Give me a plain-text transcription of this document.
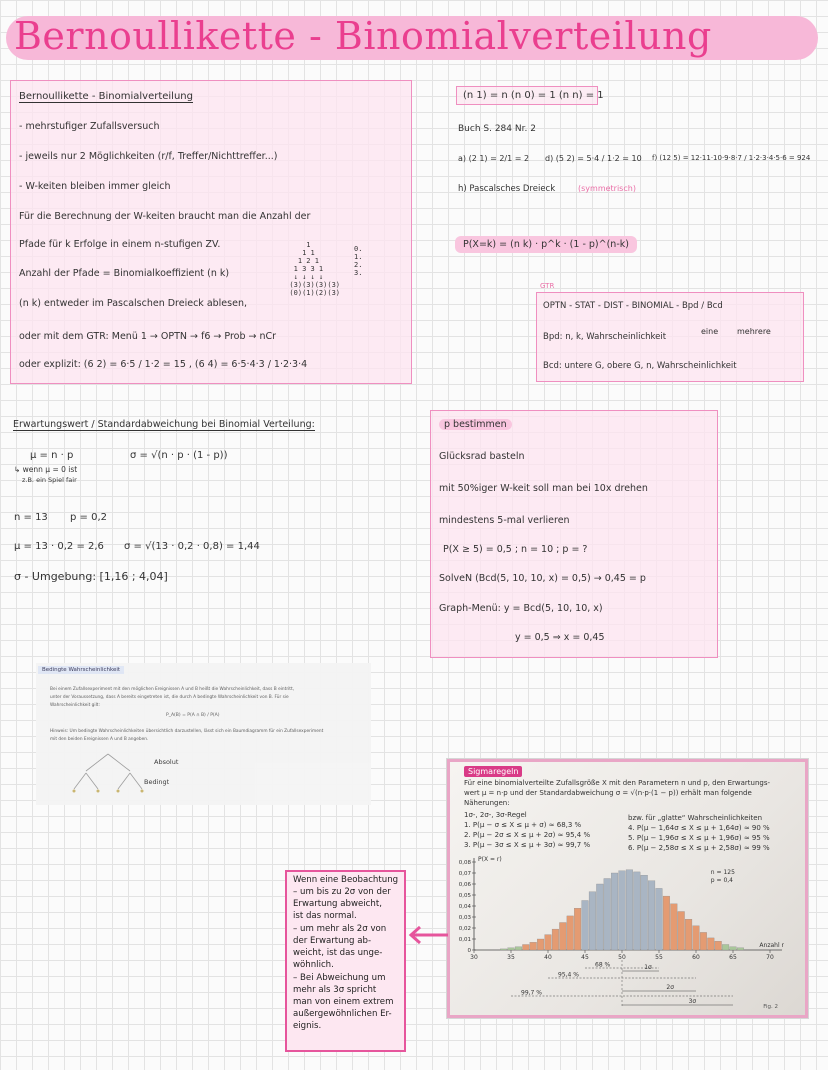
Bernoullikette - Binomialverteilung
Bernoullikette - Binomialverteilung
- mehrstufiger Zufallsversuch
- jeweils nur 2 Möglichkeiten (r/f, Treffer/Nichttreffer...)
- W-keiten bleiben immer gleich
Für die Berechnung der W-keiten braucht man die Anzahl der
Pfade für k Erfolge in einem n-stufigen ZV.
Anzahl der Pfade = Binomialkoeffizient (n k)
(n k) entweder im Pascalschen Dreieck ablesen,
oder mit dem GTR: Menü 1 → OPTN → f6 → Prob → nCr
oder explizit: (6 2) = 6·5 / 1·2 = 15 , (6 4) = 6·5·4·3 / 1·2·3·4
1
1 1
1 2 1
1 3 3 1
↓ ↓ ↓ ↓
(3)(3)(3)(3)
(0)(1)(2)(3)
0.
1.
2.
3.
(n 1) = n (n 0) = 1 (n n) = 1
Buch S. 284 Nr. 2
a) (2 1) = 2/1 = 2 d) (5 2) = 5·4 / 1·2 = 10 f) (12 5) = 12·11·10·9·8·7 / 1·2·3·4·5·6 = 924
h) Pascalsches Dreieck	(symmetrisch)
P(X=k) = (n k) · p^k · (1 - p)^(n-k)
GTR
OPTN - STAT - DIST - BINOMIAL - Bpd / Bcd
eine mehrere
Bpd: n, k, Wahrscheinlichkeit
Bcd: untere G, obere G, n, Wahrscheinlichkeit
Erwartungswert / Standardabweichung bei Binomial Verteilung:
μ = n · p	σ = √(n · p · (1 - p))
↳ wenn μ = 0 ist
z.B. ein Spiel fair
n = 13 p = 0,2
μ = 13 · 0,2 = 2,6 σ = √(13 · 0,2 · 0,8) = 1,44
σ - Umgebung: [1,16 ; 4,04]
p bestimmen
Glücksrad basteln
mit 50%iger W-keit soll man bei 10x drehen
mindestens 5-mal verlieren
P(X ≥ 5) = 0,5 ; n = 10 ; p = ?
SolveN (Bcd(5, 10, 10, x) = 0,5) → 0,45 = p
Graph-Menü: y = Bcd(5, 10, 10, x)
y = 0,5 ⇒ x = 0,45
Bedingte Wahrscheinlichkeit
Bei einem Zufallsexperiment mit den möglichen Ereignissen A und B heißt die Wahrscheinlichkeit, dass B eintritt,
unter der Voraussetzung, dass A bereits eingetreten ist, die durch A bedingte Wahrscheinlichkeit von B. Für sie
Wahrscheinlichkeit gilt:
P_A(B) = P(A ∩ B) / P(A)
Hinweis: Um bedingte Wahrscheinlichkeiten übersichtlich darzustellen, lässt sich ein Baumdiagramm für ein Zufallsexperiment
mit den beiden Ereignissen A und B angeben.
Absolut
Bedingt
Sigmaregeln
Für eine binomialverteilte Zufallsgröße X mit den Parametern n und p, den Erwartungs-
wert μ = n·p und der Standardabweichung σ = √(n·p·(1 − p)) erhält man folgende
Näherungen:
1σ-, 2σ-, 3σ-Regel
1. P(μ − σ ≤ X ≤ μ + σ) ≈ 68,3 %
2. P(μ − 2σ ≤ X ≤ μ + 2σ) ≈ 95,4 %
3. P(μ − 3σ ≤ X ≤ μ + 3σ) ≈ 99,7 %
bzw. für „glatte“ Wahrscheinlichkeiten
4. P(μ − 1,64σ ≤ X ≤ μ + 1,64σ) ≈ 90 %
5. P(μ − 1,96σ ≤ X ≤ μ + 1,96σ) ≈ 95 %
6. P(μ − 2,58σ ≤ X ≤ μ + 2,58σ) ≈ 99 %
0,08
0,07
0,06
0,05
0,04
0,03
0,02
0,01
0
30	35	40	45	50	55	60	65	70
P(X = r)
n = 125
p = 0,4
Anzahl r
68 %	1σ
95,4 %
2σ
99,7 %
3σ
Fig. 2
Wenn eine Beobachtung
– um bis zu 2σ von der
Erwartung abweicht,
ist das normal.
– um mehr als 2σ von
der Erwartung ab-
weicht, ist das unge-
wöhnlich.
– Bei Abweichung um
mehr als 3σ spricht
man von einem extrem
außergewöhnlichen Er-
eignis.
